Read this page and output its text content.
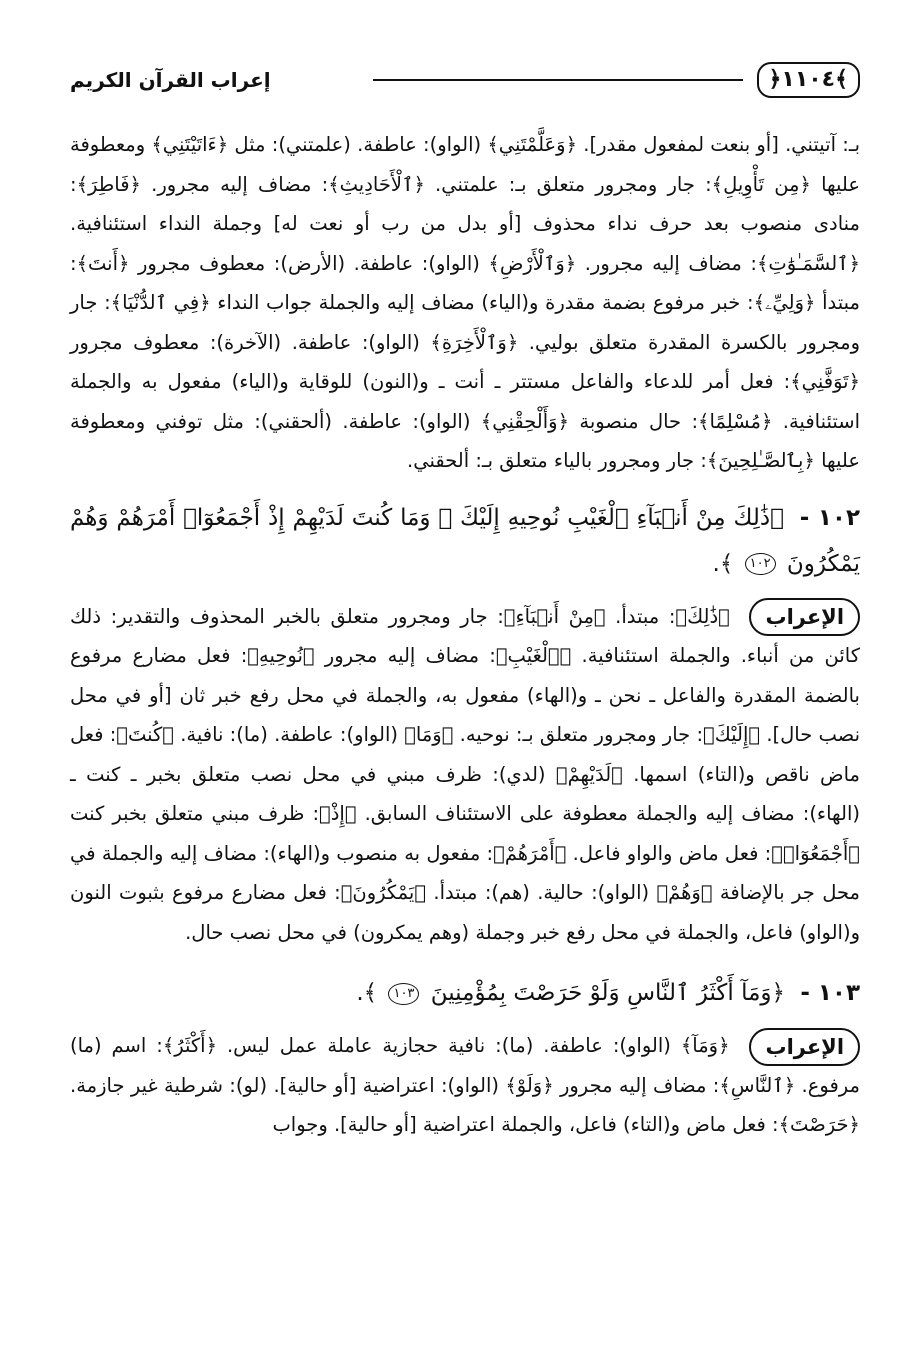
﴿١١٠٤﴾
إعراب القرآن الكريم

بـ: آتيتني. [أو بنعت لمفعول مقدر]. ﴿وَعَلَّمْتَنِي﴾ (الواو): عاطفة. (علمتني): مثل ﴿ءَاتَيْتَنِي﴾ ومعطوفة عليها ﴿مِن تَأْوِيلِ﴾: جار ومجرور متعلق بـ: علمتني. ﴿ٱلْأَحَادِيثِ﴾: مضاف إليه مجرور. ﴿فَاطِرَ﴾: منادى منصوب بعد حرف نداء محذوف [أو بدل من رب أو نعت له] وجملة النداء استئنافية. ﴿ٱلسَّمَـٰوَٰتِ﴾: مضاف إليه مجرور. ﴿وَٱلْأَرْضِ﴾ (الواو): عاطفة. (الأرض): معطوف مجرور ﴿أَنتَ﴾: مبتدأ ﴿وَلِيِّۦ﴾: خبر مرفوع بضمة مقدرة و(الياء) مضاف إليه والجملة جواب النداء ﴿فِي ٱلدُّنْيَا﴾: جار ومجرور بالكسرة المقدرة متعلق بوليي. ﴿وَٱلْأَخِرَةِ﴾ (الواو): عاطفة. (الآخرة): معطوف مجرور ﴿تَوَفَّنِي﴾: فعل أمر للدعاء والفاعل مستتر ـ أنت ـ و(النون) للوقاية و(الياء) مفعول به والجملة استئنافية. ﴿مُسْلِمًا﴾: حال منصوبة ﴿وَأَلْحِقْنِي﴾ (الواو): عاطفة. (ألحقني): مثل توفني ومعطوفة عليها ﴿بِٱلصَّـٰلِحِينَ﴾: جار ومجرور بالياء متعلق بـ: ألحقني.

١٠٢ - ﴿ذَٰلِكَ مِنْ أَنۢبَآءِ ٱلْغَيْبِ نُوحِيهِ إِلَيْكَ ۖ وَمَا كُنتَ لَدَيْهِمْ إِذْ أَجْمَعُوٓا۟ أَمْرَهُمْ وَهُمْ يَمْكُرُونَ ١٠٢ ﴾.

الإعراب ﴿ذَٰلِكَ﴾: مبتدأ. ﴿مِنْ أَنۢبَآءِ﴾: جار ومجرور متعلق بالخبر المحذوف والتقدير: ذلك كائن من أنباء. والجملة استئنافية. ﴿ٱلْغَيْبِ﴾: مضاف إليه مجرور ﴿نُوحِيهِ﴾: فعل مضارع مرفوع بالضمة المقدرة والفاعل ـ نحن ـ و(الهاء) مفعول به، والجملة في محل رفع خبر ثان [أو في محل نصب حال]. ﴿إِلَيْكَ﴾: جار ومجرور متعلق بـ: نوحيه. ﴿وَمَا﴾ (الواو): عاطفة. (ما): نافية. ﴿كُنتَ﴾: فعل ماض ناقص و(التاء) اسمها. ﴿لَدَيْهِمْ﴾ (لدي): ظرف مبني في محل نصب متعلق بخبر ـ كنت ـ (الهاء): مضاف إليه والجملة معطوفة على الاستئناف السابق. ﴿إِذْ﴾: ظرف مبني متعلق بخبر كنت ﴿أَجْمَعُوٓا۟﴾: فعل ماض والواو فاعل. ﴿أَمْرَهُمْ﴾: مفعول به منصوب و(الهاء): مضاف إليه والجملة في محل جر بالإضافة ﴿وَهُمْ﴾ (الواو): حالية. (هم): مبتدأ. ﴿يَمْكُرُونَ﴾: فعل مضارع مرفوع بثبوت النون و(الواو) فاعل، والجملة في محل رفع خبر وجملة (وهم يمكرون) في محل نصب حال.

١٠٣ - ﴿وَمَآ أَكْثَرُ ٱلنَّاسِ وَلَوْ حَرَصْتَ بِمُؤْمِنِينَ ١٠٣ ﴾.

الإعراب ﴿وَمَآ﴾ (الواو): عاطفة. (ما): نافية حجازية عاملة عمل ليس. ﴿أَكْثَرُ﴾: اسم (ما) مرفوع. ﴿ٱلنَّاسِ﴾: مضاف إليه مجرور ﴿وَلَوْ﴾ (الواو): اعتراضية [أو حالية]. (لو): شرطية غير جازمة. ﴿حَرَصْتَ﴾: فعل ماض و(التاء) فاعل، والجملة اعتراضية [أو حالية]. وجواب
